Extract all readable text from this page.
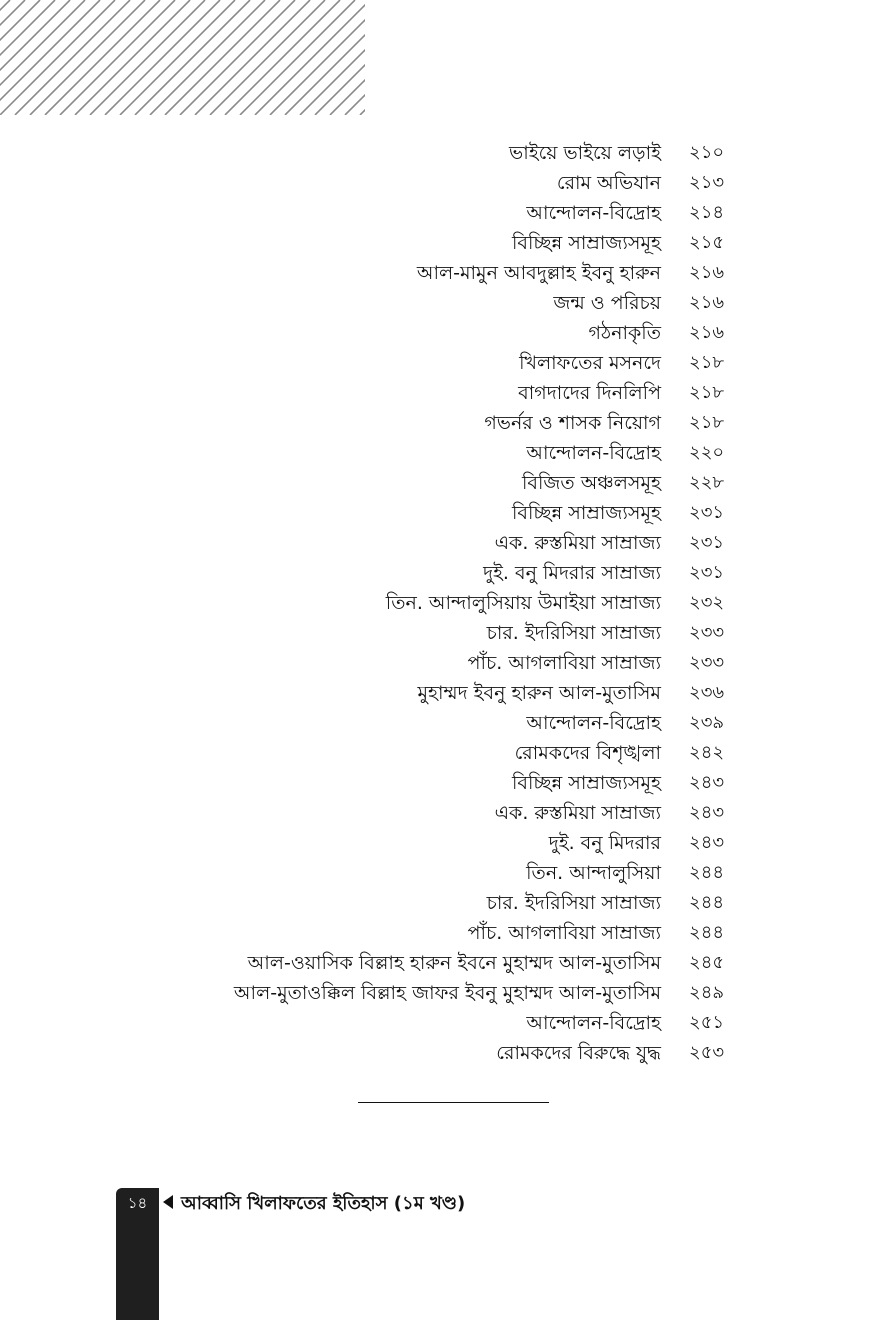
ভাইয়ে ভাইয়ে লড়াই ২১০
রোম অভিযান ২১৩
আন্দোলন-বিদ্রোহ ২১৪
বিচ্ছিন্ন সাম্রাজ্যসমূহ ২১৫
আল-মামুন আবদুল্লাহ ইবনু হারুন ২১৬
জন্ম ও পরিচয় ২১৬
গঠনাকৃতি ২১৬
খিলাফতের মসনদে ২১৮
বাগদাদের দিনলিপি ২১৮
গভর্নর ও শাসক নিয়োগ ২১৮
আন্দোলন-বিদ্রোহ ২২০
বিজিত অঞ্চলসমূহ ২২৮
বিচ্ছিন্ন সাম্রাজ্যসমূহ ২৩১
এক. রুস্তমিয়া সাম্রাজ্য ২৩১
দুই. বনু মিদরার সাম্রাজ্য ২৩১
তিন. আন্দালুসিয়ায় উমাইয়া সাম্রাজ্য ২৩২
চার. ইদরিসিয়া সাম্রাজ্য ২৩৩
পাঁচ. আগলাবিয়া সাম্রাজ্য ২৩৩
মুহাম্মদ ইবনু হারুন আল-মুতাসিম ২৩৬
আন্দোলন-বিদ্রোহ ২৩৯
রোমকদের বিশৃঙ্খলা ২৪২
বিচ্ছিন্ন সাম্রাজ্যসমূহ ২৪৩
এক. রুস্তমিয়া সাম্রাজ্য ২৪৩
দুই. বনু মিদরার ২৪৩
তিন. আন্দালুসিয়া ২৪৪
চার. ইদরিসিয়া সাম্রাজ্য ২৪৪
পাঁচ. আগলাবিয়া সাম্রাজ্য ২৪৪
আল-ওয়াসিক বিল্লাহ হারুন ইবনে মুহাম্মদ আল-মুতাসিম ২৪৫
আল-মুতাওক্কিল বিল্লাহ জাফর ইবনু মুহাম্মদ আল-মুতাসিম ২৪৯
আন্দোলন-বিদ্রোহ ২৫১
রোমকদের বিরুদ্ধে যুদ্ধ ২৫৩
১৪	আব্বাসি খিলাফতের ইতিহাস (১ম খণ্ড)
